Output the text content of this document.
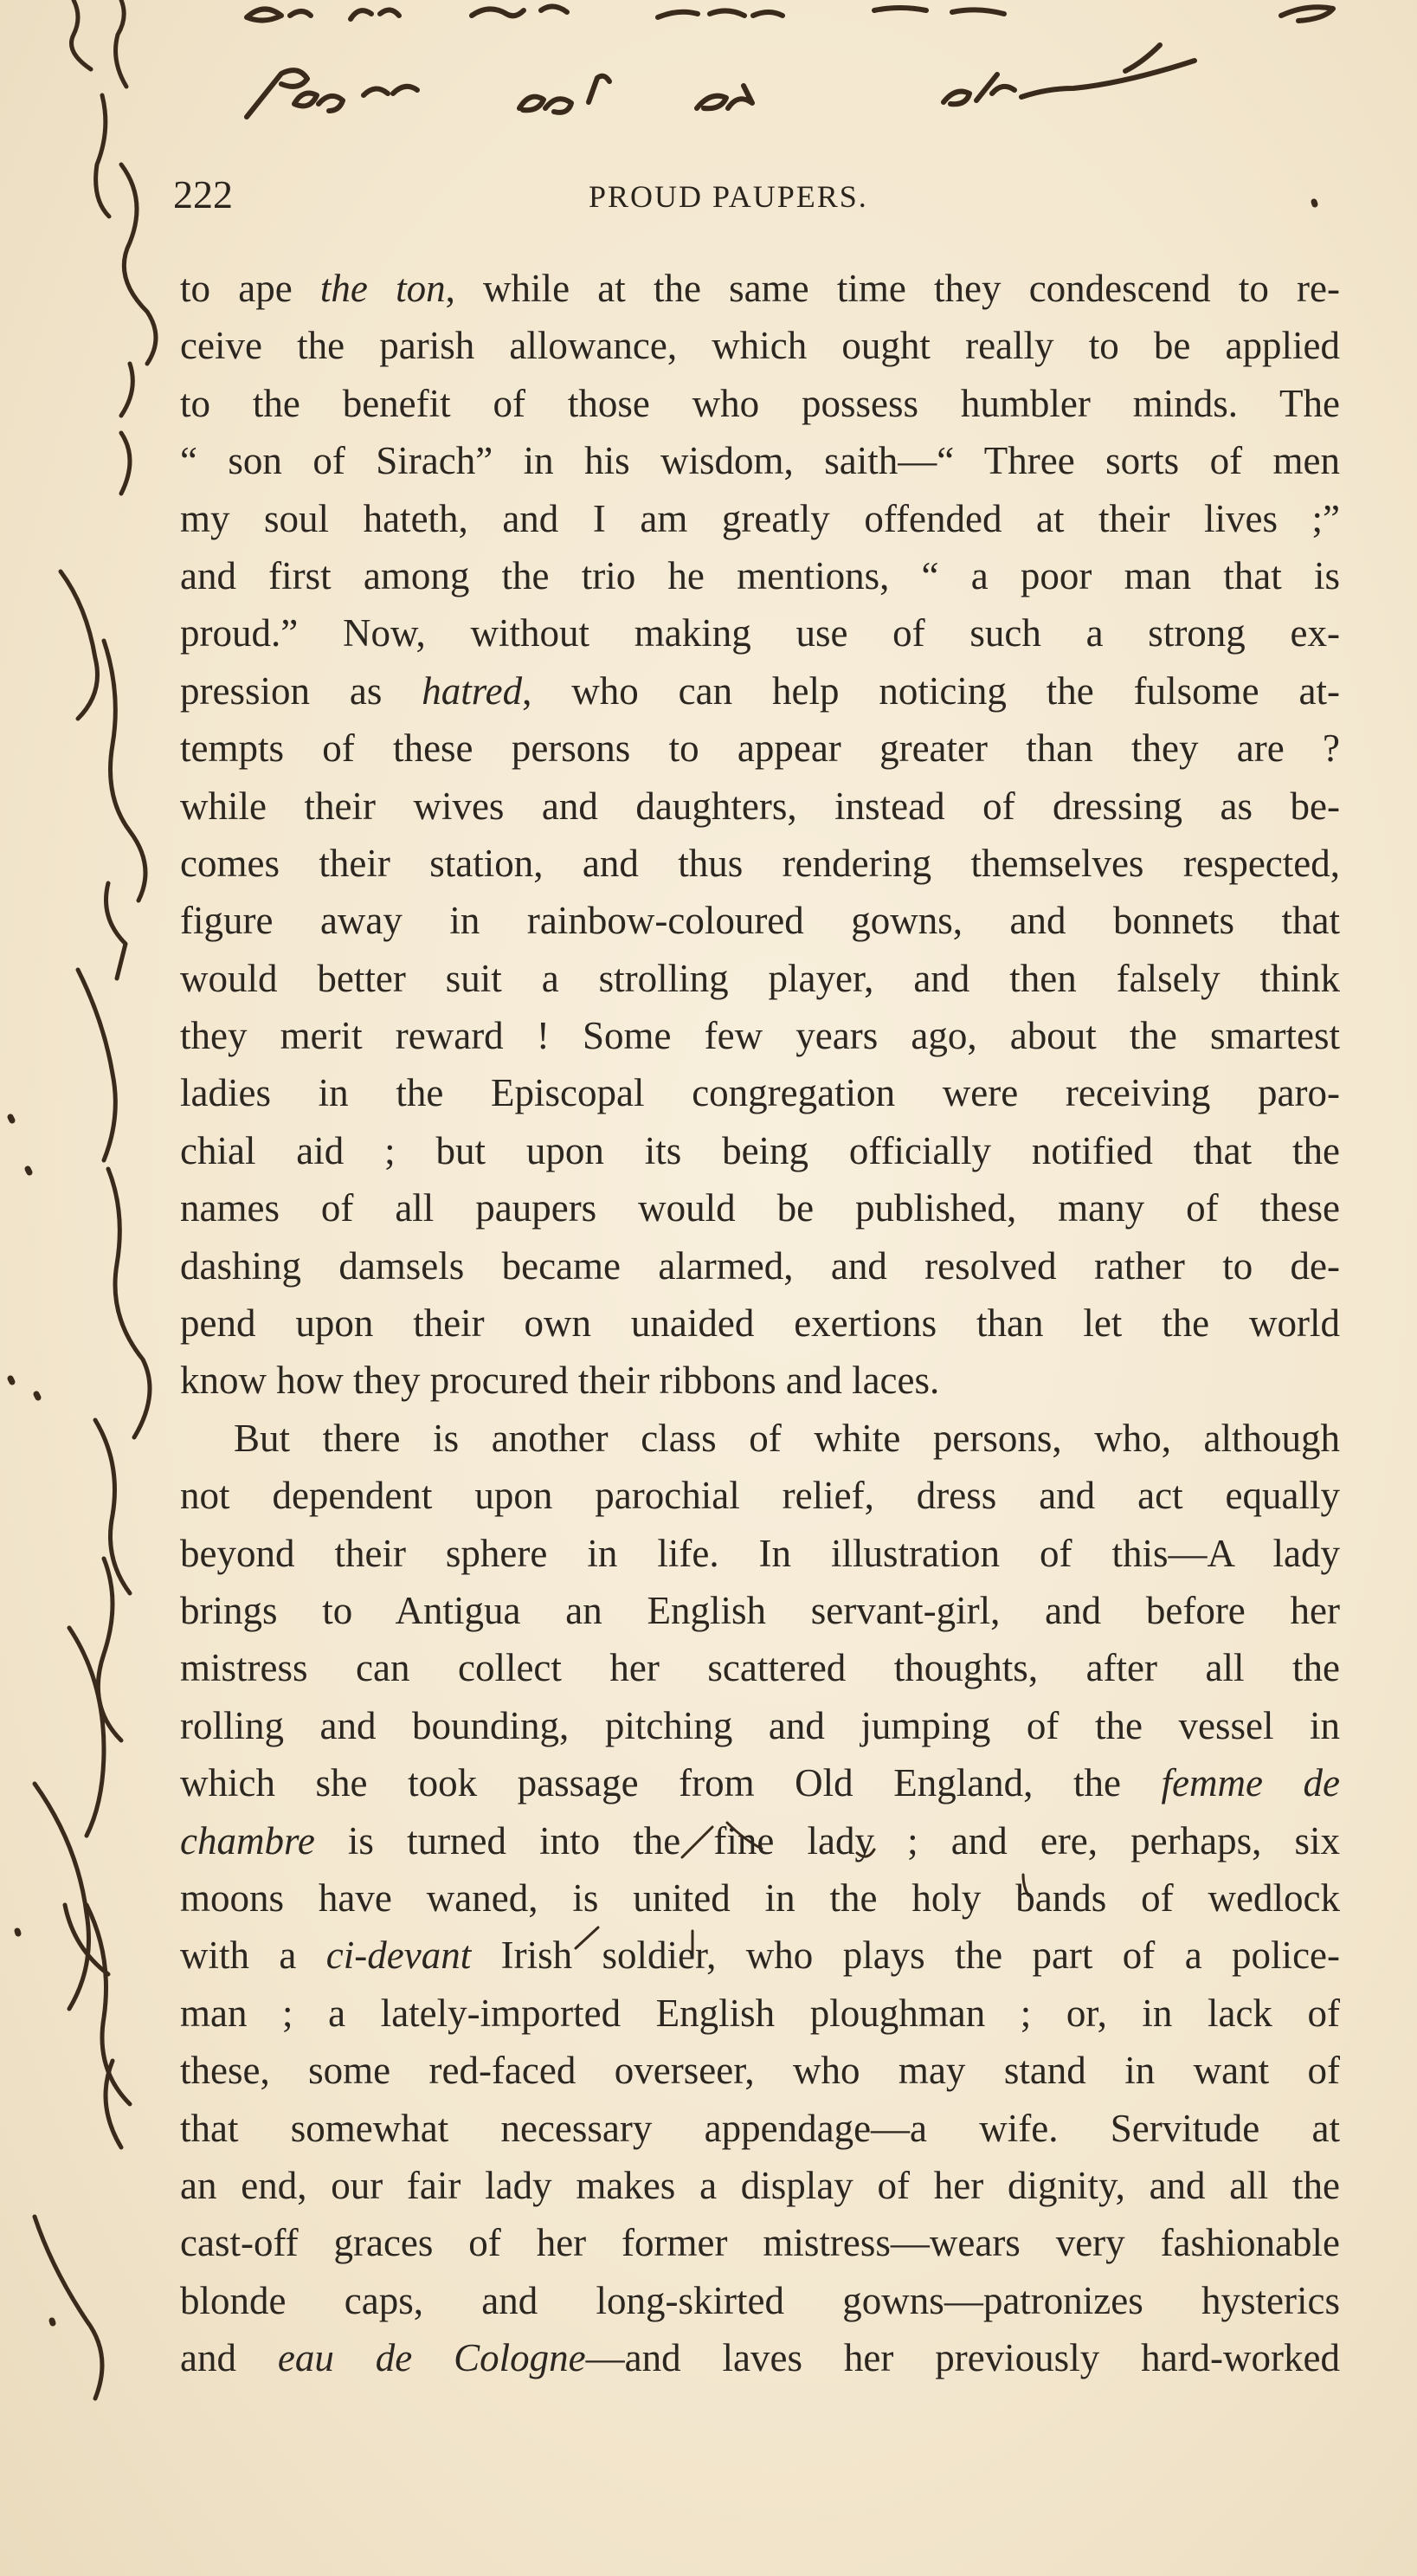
222	PROUD PAUPERS.
to ape the ton, while at the same time they condescend to re-
ceive the parish allowance, which ought really to be applied
to the benefit of those who possess humbler minds. The
“ son of Sirach” in his wisdom, saith—“ Three sorts of men
my soul hateth, and I am greatly offended at their lives ;”
and first among the trio he mentions, “ a poor man that is
proud.” Now, without making use of such a strong ex-
pression as hatred, who can help noticing the fulsome at-
tempts of these persons to appear greater than they are ?
while their wives and daughters, instead of dressing as be-
comes their station, and thus rendering themselves respected,
figure away in rainbow-coloured gowns, and bonnets that
would better suit a strolling player, and then falsely think
they merit reward ! Some few years ago, about the smartest
ladies in the Episcopal congregation were receiving paro-
chial aid ; but upon its being officially notified that the
names of all paupers would be published, many of these
dashing damsels became alarmed, and resolved rather to de-
pend upon their own unaided exertions than let the world
know how they procured their ribbons and laces.
But there is another class of white persons, who, although
not dependent upon parochial relief, dress and act equally
beyond their sphere in life. In illustration of this—A lady
brings to Antigua an English servant-girl, and before her
mistress can collect her scattered thoughts, after all the
rolling and bounding, pitching and jumping of the vessel in
which she took passage from Old England, the femme de
chambre is turned into the fine lady ; and ere, perhaps, six
moons have waned, is united in the holy bands of wedlock
with a ci-devant Irish soldier, who plays the part of a police-
man ; a lately-imported English ploughman ; or, in lack of
these, some red-faced overseer, who may stand in want of
that somewhat necessary appendage—a wife. Servitude at
an end, our fair lady makes a display of her dignity, and all the
cast-off graces of her former mistress—wears very fashionable
blonde caps, and long-skirted gowns—patronizes hysterics
and eau de Cologne—and laves her previously hard-worked
